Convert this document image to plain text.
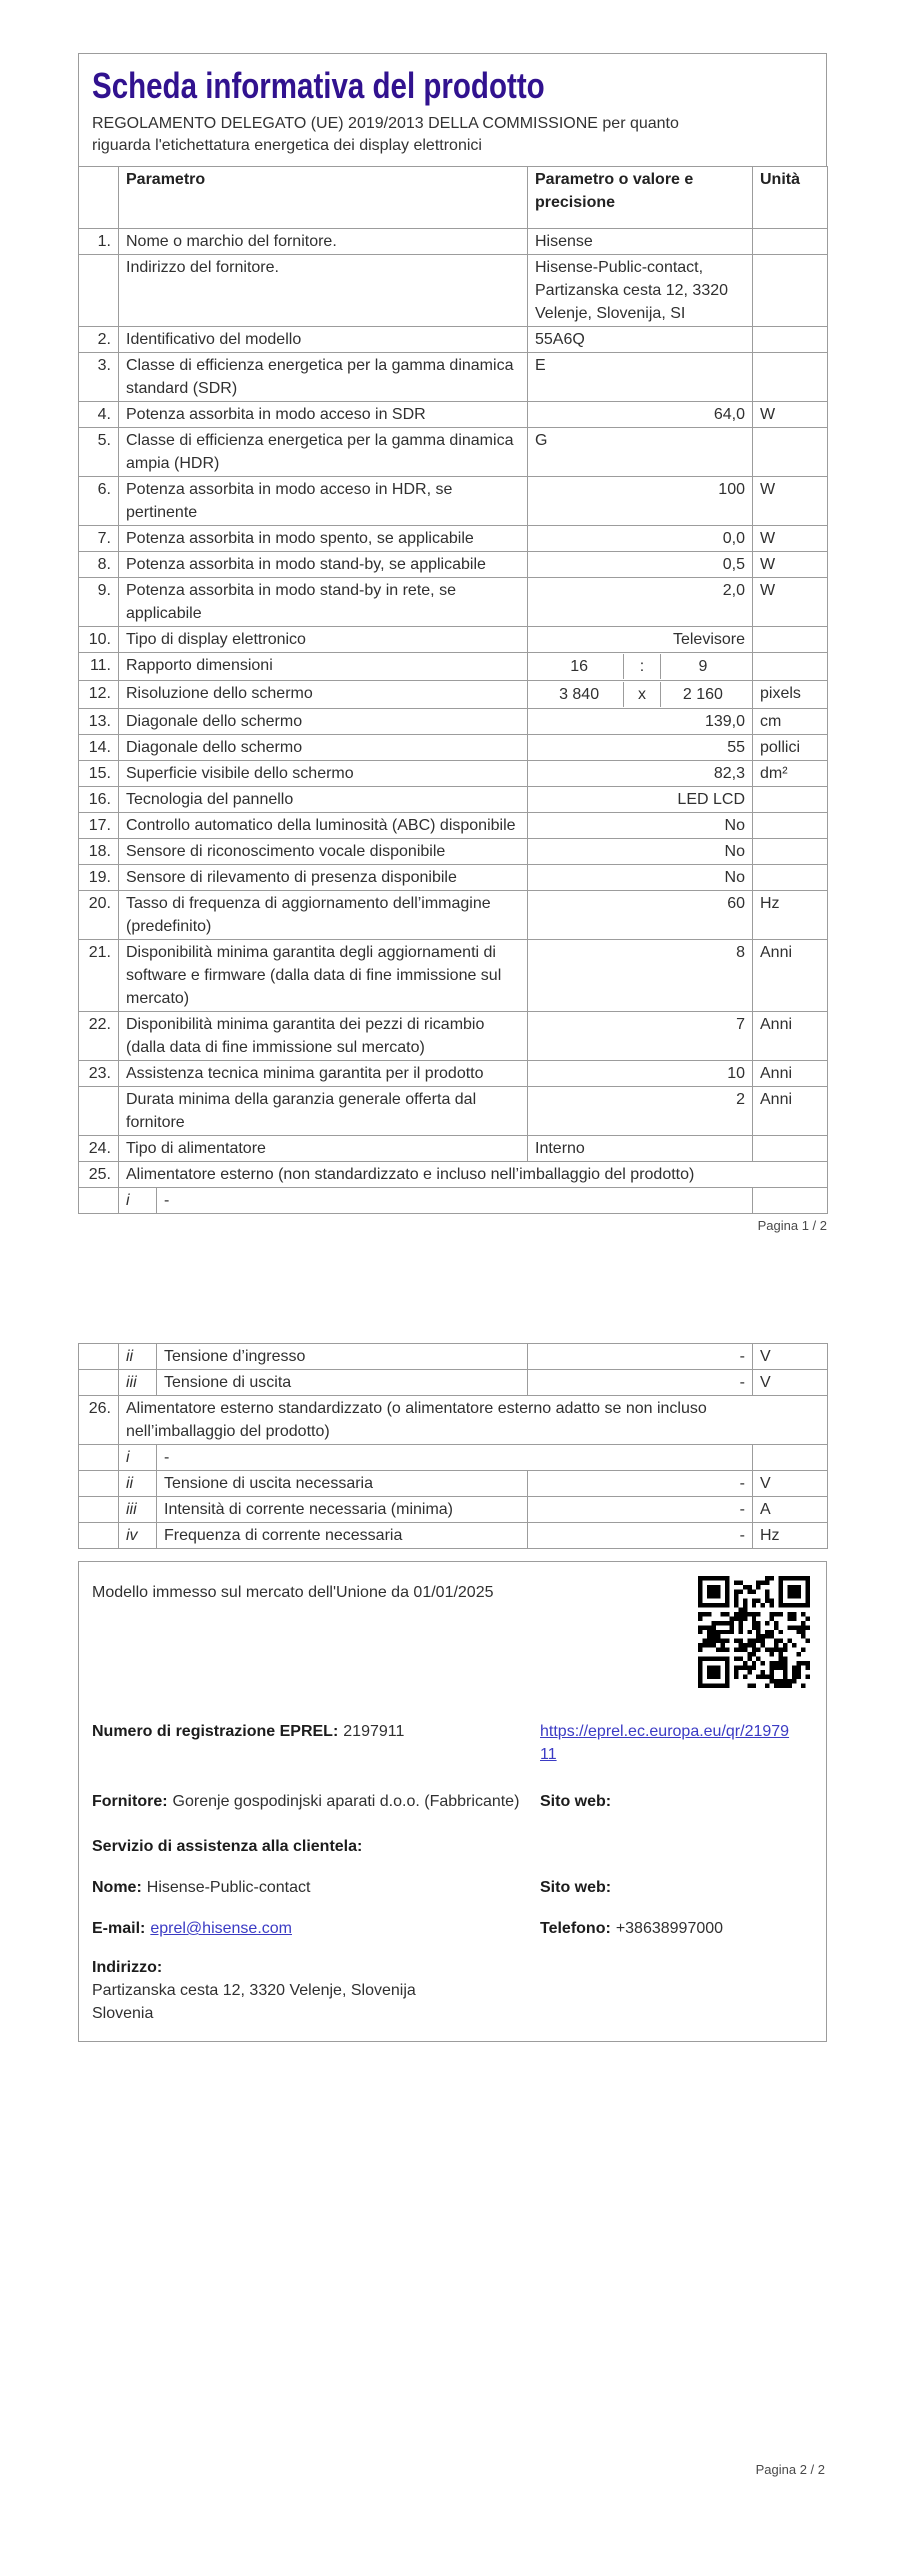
Scheda informativa del prodotto
REGOLAMENTO DELEGATO (UE) 2019/2013 DELLA COMMISSIONE per quanto riguarda l'etichettatura energetica dei display elettronici
	Parametro		Parametro o valore e precisione	Unità
1.	Nome o marchio del fornitore.		Hisense	
	Indirizzo del fornitore.		Hisense-Public-contact, Partizanska cesta 12, 3320 Velenje, Slovenija, SI	
2.	Identificativo del modello		55A6Q	
3.	Classe di efficienza energetica per la gamma dinamica standard (SDR)		E	
4.	Potenza assorbita in modo acceso in SDR		64,0	W
5.	Classe di efficienza energetica per la gamma dinamica ampia (HDR)		G	
6.	Potenza assorbita in modo acceso in HDR, se pertinente		100	W
7.	Potenza assorbita in modo spento, se applicabile		0,0	W
8.	Potenza assorbita in modo stand-by, se applicabile		0,5	W
9.	Potenza assorbita in modo stand-by in rete, se applicabile		2,0	W
10.	Tipo di display elettronico		Televisore	
11.	Rapporto dimensioni		16 : 9	

12.	Risoluzione dello schermo		3 840 x 2 160	pixels
13.	Diagonale dello schermo		139,0	cm
14.	Diagonale dello schermo		55	pollici
15.	Superficie visibile dello schermo		82,3	dm²
16.	Tecnologia del pannello		LED LCD	
17.	Controllo automatico della luminosità (ABC) disponibile		No	
18.	Sensore di riconoscimento vocale disponibile		No	
19.	Sensore di rilevamento di presenza disponibile		No	
20.	Tasso di frequenza di aggiornamento dell’immagine (predefinito)		60	Hz
21.	Disponibilità minima garantita degli aggiornamenti di software e firmware (dalla data di fine immissione sul mercato)		8	Anni
22.	Disponibilità minima garantita dei pezzi di ricambio (dalla data di fine immissione sul mercato)		7	Anni
23.	Assistenza tecnica minima garantita per il prodotto		10	Anni
	Durata minima della garanzia generale offerta dal fornitore		2	Anni
24.	Tipo di alimentatore		Interno	
25.	Alimentatore esterno (non standardizzato e incluso nell’imballaggio del prodotto)			
	i	-		
Pagina 1 / 2
	ii	Tensione d’ingresso	-	V
	iii	Tensione di uscita	-	V
26.	Alimentatore esterno standardizzato (o alimentatore esterno adatto se non incluso nell’imballaggio del prodotto)			
	i	-		
	ii	Tensione di uscita necessaria	-	V
	iii	Intensità di corrente necessaria (minima)	-	A
	iv	Frequenza di corrente necessaria	-	Hz
Modello immesso sul mercato dell'Unione da 01/01/2025
Numero di registrazione EPREL: 2197911	https://eprel.ec.europa.eu/qr/2197911
Fornitore: Gorenje gospodinjski aparati d.o.o. (Fabbricante)	Sito web:
Servizio di assistenza alla clientela:
Nome: Hisense-Public-contact	Sito web:
E-mail: eprel@hisense.com	Telefono: +38638997000
Indirizzo:
Partizanska cesta 12, 3320 Velenje, Slovenija
Slovenia
Pagina 2 / 2
